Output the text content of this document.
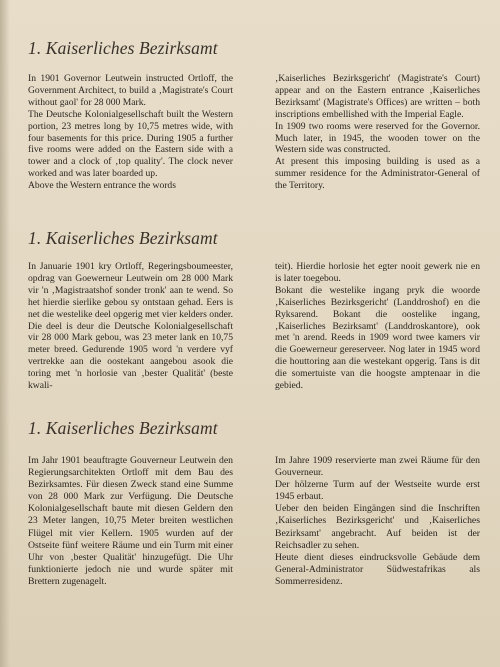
1. Kaiserliches Bezirksamt
In 1901 Governor Leutwein instructed Ortloff, the Government Architect, to build a ‚Magistrate's Court without gaol' for 28 000 Mark.
The Deutsche Kolonialgesellschaft built the Western portion, 23 metres long by 10,75 metres wide, with four basements for this price. During 1905 a further five rooms were added on the Eastern side with a tower and a clock of ‚top quality'. The clock never worked and was later boarded up.
Above the Western entrance the words
‚Kaiserliches Bezirksgericht' (Magistrate's Court) appear and on the Eastern entrance ‚Kaiserliches Bezirksamt' (Magistrate's Offices) are written – both inscriptions embellished with the Imperial Eagle.
In 1909 two rooms were reserved for the Governor. Much later, in 1945, the wooden tower on the Western side was constructed.
At present this imposing building is used as a summer residence for the Administrator-General of the Territory.
1. Kaiserliches Bezirksamt
In Januarie 1901 kry Ortloff, Regeringsboumeester, opdrag van Goewerneur Leutwein om 28 000 Mark vir 'n ‚Magistraatshof sonder tronk' aan te wend. So het hierdie sierlike gebou sy ontstaan gehad. Eers is net die westelike deel opgerig met vier kelders onder. Die deel is deur die Deutsche Kolonialgesellschaft vir 28 000 Mark gebou, was 23 meter lank en 10,75 meter breed. Gedurende 1905 word 'n verdere vyf vertrekke aan die oostekant aangebou asook die toring met 'n horlosie van ‚bester Qualität' (beste kwali-
teit). Hierdie horlosie het egter nooit gewerk nie en is later toegebou.
Bokant die westelike ingang pryk die woorde ‚Kaiserliches Bezirksgericht' (Landdroshof) en die Ryksarend. Bokant die oostelike ingang, ‚Kaiserliches Bezirksamt' (Landdroskantore), ook met 'n arend. Reeds in 1909 word twee kamers vir die Goewerneur gereserveer. Nog later in 1945 word die houttoring aan die westekant opgerig. Tans is dit die somertuiste van die hoogste amptenaar in die gebied.
1. Kaiserliches Bezirksamt
Im Jahr 1901 beauftragte Gouverneur Leutwein den Regierungsarchitekten Ortloff mit dem Bau des Bezirksamtes. Für diesen Zweck stand eine Summe von 28 000 Mark zur Verfügung. Die Deutsche Kolonialgesellschaft baute mit diesen Geldern den 23 Meter langen, 10,75 Meter breiten westlichen Flügel mit vier Kellern. 1905 wurden auf der Ostseite fünf weitere Räume und ein Turm mit einer Uhr von ‚bester Qualität' hinzugefügt. Die Uhr funktionierte jedoch nie und wurde später mit Brettern zugenagelt.
Im Jahre 1909 reservierte man zwei Räume für den Gouverneur.
Der hölzerne Turm auf der Westseite wurde erst 1945 erbaut.
Ueber den beiden Eingängen sind die Inschriften ‚Kaiserliches Bezirksgericht' und ‚Kaiserliches Bezirksamt' angebracht. Auf beiden ist der Reichsadler zu sehen.
Heute dient dieses eindrucksvolle Gebäude dem General-Administrator Südwestafrikas als Sommerresidenz.
